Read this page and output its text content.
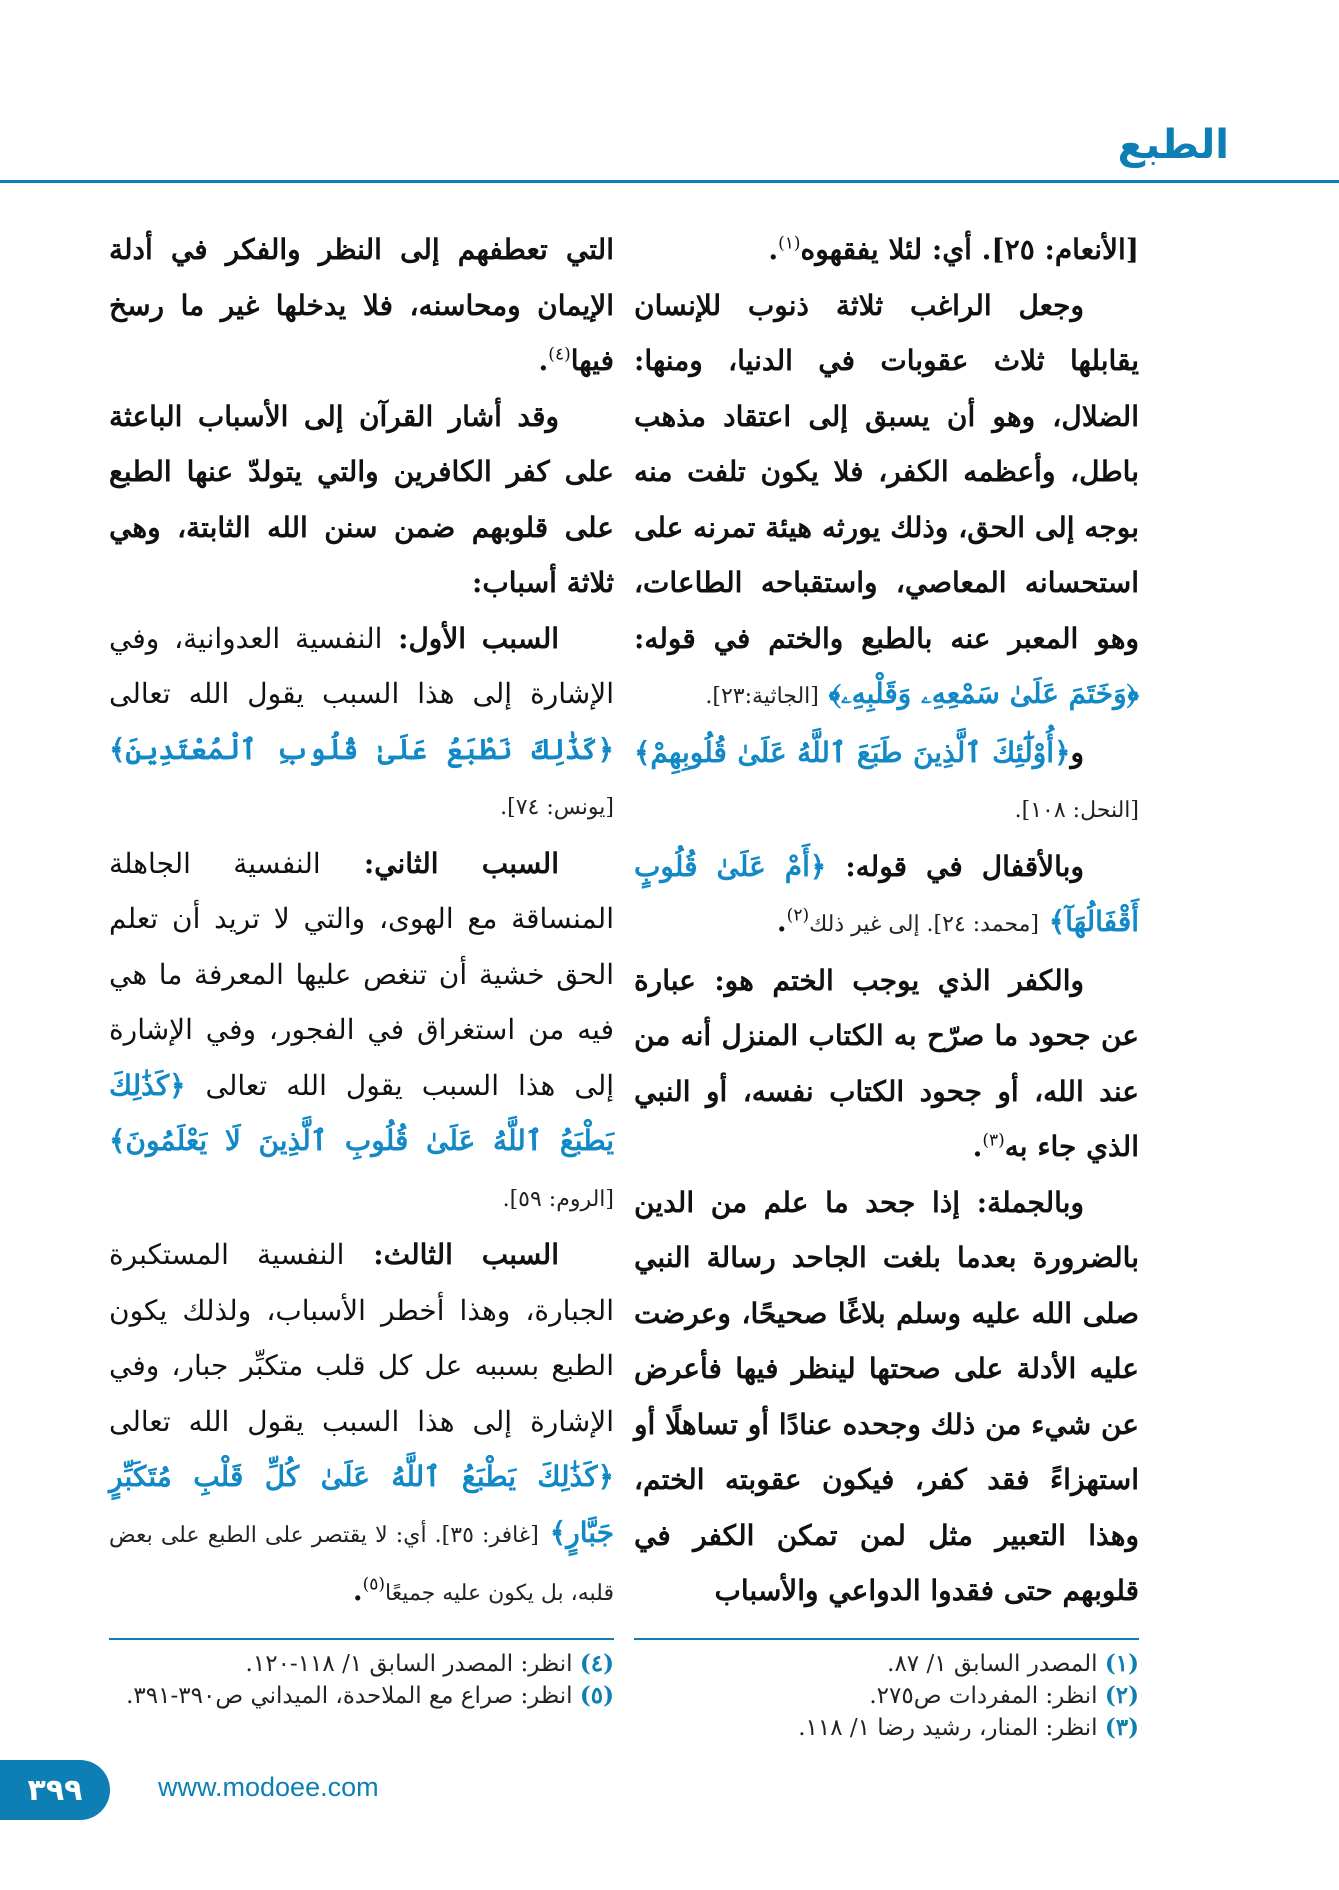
الطبع

[الأنعام: ٢٥]. أي: لئلا يفقهوه$^{(١)}$.

وجعل الراغب ثلاثة ذنوب للإنسان يقابلها ثلاث عقوبات في الدنيا، ومنها: الضلال، وهو أن يسبق إلى اعتقاد مذهب باطل، وأعظمه الكفر، فلا يكون تلفت منه بوجه إلى الحق، وذلك يورثه هيئة تمرنه على استحسانه المعاصي، واستقباحه الطاعات، وهو المعبر عنه بالطبع والختم في قوله: ﴿وَخَتَمَ عَلَىٰ سَمْعِهِۦ وَقَلْبِهِۦ﴾ [الجاثية:٢٣].

و﴿أُوْلَٰٓئِكَ ٱلَّذِينَ طَبَعَ ٱللَّهُ عَلَىٰ قُلُوبِهِمْ﴾ [النحل: ١٠٨].

وبالأقفال في قوله: ﴿أَمْ عَلَىٰ قُلُوبٍ أَقْفَالُهَآ﴾ [محمد: ٢٤]. إلى غير ذلك$^{(٢)}$.

والكفر الذي يوجب الختم هو: عبارة عن جحود ما صرّح به الكتاب المنزل أنه من عند الله، أو جحود الكتاب نفسه، أو النبي الذي جاء به$^{(٣)}$.

وبالجملة: إذا جحد ما علم من الدين بالضرورة بعدما بلغت الجاحد رسالة النبي صلى الله عليه وسلم بلاغًا صحيحًا، وعرضت عليه الأدلة على صحتها لينظر فيها فأعرض عن شيء من ذلك وجحده عنادًا أو تساهلًا أو استهزاءً فقد كفر، فيكون عقوبته الختم، وهذا التعبير مثل لمن تمكن الكفر في قلوبهم حتى فقدوا الدواعي والأسباب

التي تعطفهم إلى النظر والفكر في أدلة الإيمان ومحاسنه، فلا يدخلها غير ما رسخ فيها$^{(٤)}$.

وقد أشار القرآن إلى الأسباب الباعثة على كفر الكافرين والتي يتولدّ عنها الطبع على قلوبهم ضمن سنن الله الثابتة، وهي ثلاثة أسباب:

السبب الأول: النفسية العدوانية، وفي الإشارة إلى هذا السبب يقول الله تعالى ﴿كَذَٰلِكَ نَطْبَعُ عَلَىٰ قُلُوبِ ٱلْمُعْتَدِينَ﴾ [يونس: ٧٤].

السبب الثاني: النفسية الجاهلة المنساقة مع الهوى، والتي لا تريد أن تعلم الحق خشية أن تنغص عليها المعرفة ما هي فيه من استغراق في الفجور، وفي الإشارة إلى هذا السبب يقول الله تعالى ﴿كَذَٰلِكَ يَطْبَعُ ٱللَّهُ عَلَىٰ قُلُوبِ ٱلَّذِينَ لَا يَعْلَمُونَ﴾ [الروم: ٥٩].

السبب الثالث: النفسية المستكبرة الجبارة، وهذا أخطر الأسباب، ولذلك يكون الطبع بسببه عل كل قلب متكبِّر جبار، وفي الإشارة إلى هذا السبب يقول الله تعالى ﴿كَذَٰلِكَ يَطْبَعُ ٱللَّهُ عَلَىٰ كُلِّ قَلْبِ مُتَكَبِّرٍ جَبَّارٍ﴾ [غافر: ٣٥]. أي: لا يقتصر على الطبع على بعض قلبه، بل يكون عليه جميعًا$^{(٥)}$.

(١) المصدر السابق ١/ ٨٧.

(٢) انظر: المفردات ص٢٧٥.

(٣) انظر: المنار، رشيد رضا ١/ ١١٨.

(٤) انظر: المصدر السابق ١/ ١١٨-١٢٠.

(٥) انظر: صراع مع الملاحدة، الميداني ص٣٩٠-٣٩١.

٣٩٩	www.modoee.com
